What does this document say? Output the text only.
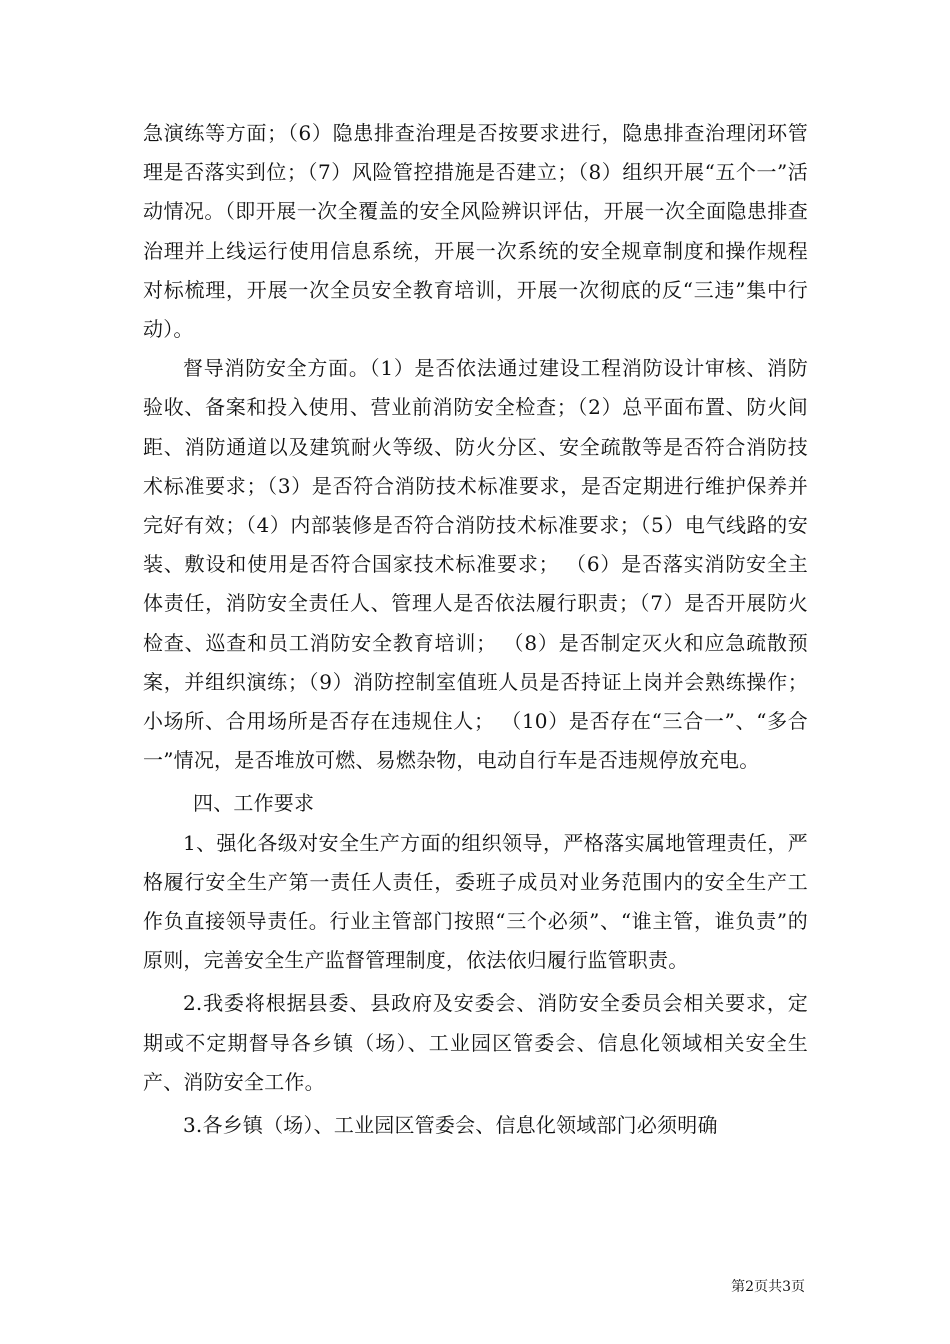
急演练等方面；（6）隐患排查治理是否按要求进行，隐患排查治理闭环管理是否落实到位；（7）风险管控措施是否建立；（8）组织开展“五个一”活动情况。（即开展一次全覆盖的安全风险辨识评估，开展一次全面隐患排查治理并上线运行使用信息系统，开展一次系统的安全规章制度和操作规程对标梳理，开展一次全员安全教育培训，开展一次彻底的反“三违”集中行动）。

督导消防安全方面。（1）是否依法通过建设工程消防设计审核、消防验收、备案和投入使用、营业前消防安全检查；（2）总平面布置、防火间距、消防通道以及建筑耐火等级、防火分区、安全疏散等是否符合消防技术标准要求；（3）是否符合消防技术标准要求，是否定期进行维护保养并完好有效；（4）内部装修是否符合消防技术标准要求；（5）电气线路的安装、敷设和使用是否符合国家技术标准要求； （6）是否落实消防安全主体责任，消防安全责任人、管理人是否依法履行职责；（7）是否开展防火检查、巡查和员工消防安全教育培训； （8）是否制定灭火和应急疏散预案，并组织演练；（9）消防控制室值班人员是否持证上岗并会熟练操作；小场所、合用场所是否存在违规住人； （10）是否存在“三合一”、“多合一”情况，是否堆放可燃、易燃杂物，电动自行车是否违规停放充电。

四、工作要求

1、强化各级对安全生产方面的组织领导，严格落实属地管理责任，严格履行安全生产第一责任人责任，委班子成员对业务范围内的安全生产工作负直接领导责任。行业主管部门按照“三个必须”、“谁主管，谁负责”的原则，完善安全生产监督管理制度，依法依归履行监管职责。

2.我委将根据县委、县政府及安委会、消防安全委员会相关要求，定期或不定期督导各乡镇（场）、工业园区管委会、信息化领域相关安全生产、消防安全工作。

3.各乡镇（场）、工业园区管委会、信息化领域部门必须明确

第2页共3页
